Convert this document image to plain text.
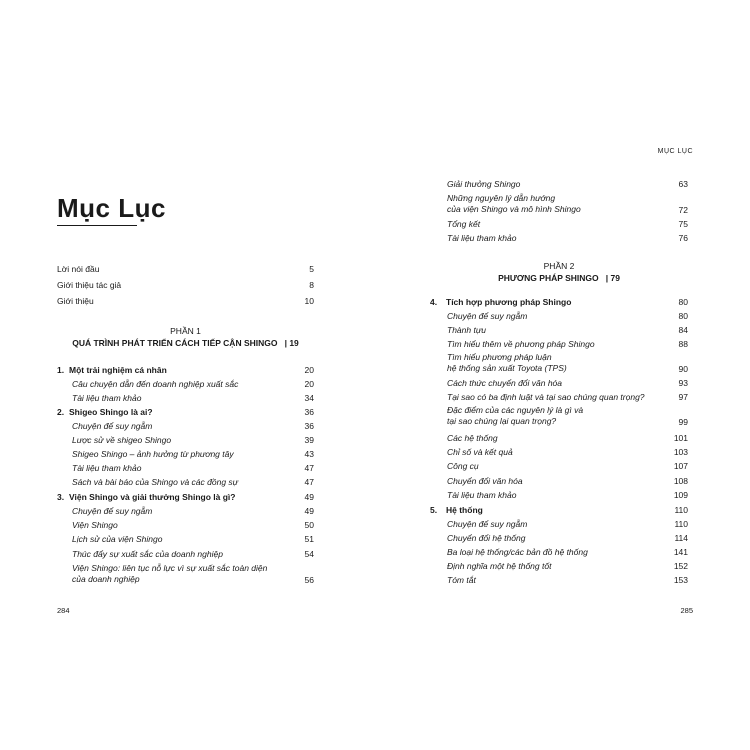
Mục Lục
Lời nói đầu	5
Giới thiệu tác giả	8
Giới thiệu	10
PHẦN 1
QUÁ TRÌNH PHÁT TRIỂN CÁCH TIẾP CẬN SHINGO | 19
1. Một trải nghiệm cá nhân	20
Câu chuyện dẫn đến doanh nghiệp xuất sắc	20
Tài liệu tham khảo	34
2. Shigeo Shingo là ai?	36
Chuyện để suy ngẫm	36
Lược sử về shigeo Shingo	39
Shigeo Shingo – ảnh hưởng từ phương tây	43
Tài liệu tham khảo	47
Sách và bài báo của Shingo và các đồng sự	47
3. Viện Shingo và giải thưởng Shingo là gì?	49
Chuyện để suy ngẫm	49
Viện Shingo	50
Lịch sử của viện Shingo	51
Thúc đẩy sự xuất sắc của doanh nghiệp	54
Viện Shingo: liên tục nỗ lực vì sự xuất sắc toàn diện
của doanh nghiệp	56
284
MỤC LỤC
Giải thưởng Shingo	63
Những nguyên lý dẫn hướng
của viện Shingo và mô hình Shingo	72
Tổng kết	75
Tài liệu tham khảo	76
PHẦN 2
PHƯƠNG PHÁP SHINGO | 79
4. Tích hợp phương pháp Shingo	80
Chuyện để suy ngẫm	80
Thành tựu	84
Tìm hiểu thêm về phương pháp Shingo	88
Tìm hiểu phương pháp luận
hệ thống sản xuất Toyota (TPS)	90
Cách thức chuyển đổi văn hóa	93
Tại sao có ba định luật và tại sao chúng quan trọng?	97
Đặc điểm của các nguyên lý là gì và
tại sao chúng lại quan trọng?	99
Các hệ thống	101
Chỉ số và kết quả	103
Công cụ	107
Chuyển đổi văn hóa	108
Tài liệu tham khảo	109
5. Hệ thống	110
Chuyện để suy ngẫm	110
Chuyển đổi hệ thống	114
Ba loại hệ thống/các bản đồ hệ thống	141
Định nghĩa một hệ thống tốt	152
Tóm tắt	153
285
